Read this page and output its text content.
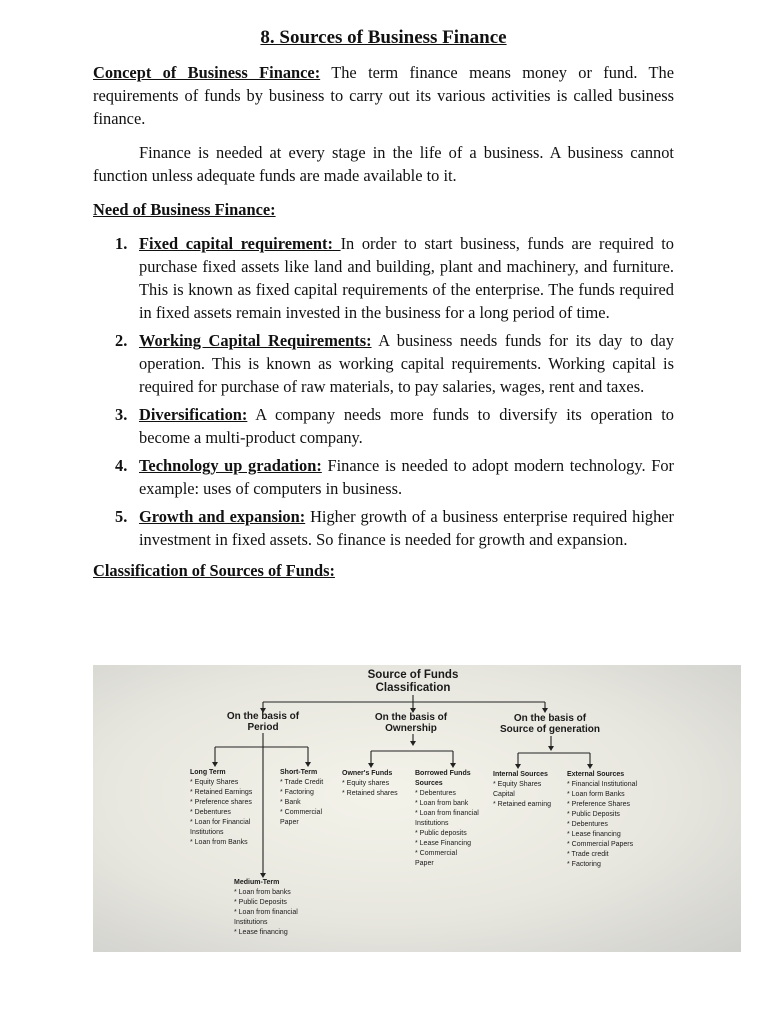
8. Sources of Business Finance

Concept of Business Finance: The term finance means money or fund. The requirements of funds by business to carry out its various activities is called business finance.

Finance is needed at every stage in the life of a business. A business cannot function unless adequate funds are made available to it.

Need of Business Finance:
1. Fixed capital requirement: In order to start business, funds are required to purchase fixed assets like land and building, plant and machinery, and furniture. This is known as fixed capital requirements of the enterprise. The funds required in fixed assets remain invested in the business for a long period of time.
2. Working Capital Requirements: A business needs funds for its day to day operation. This is known as working capital requirements. Working capital is required for purchase of raw materials, to pay salaries, wages, rent and taxes.
3. Diversification: A company needs more funds to diversify its operation to become a multi-product company.
4. Technology up gradation: Finance is needed to adopt modern technology. For example: uses of computers in business.
5. Growth and expansion: Higher growth of a business enterprise required higher investment in fixed assets. So finance is needed for growth and expansion.
Classification of Sources of Funds:
Source of Funds
Classification
On the basis of
Period
On the basis of
Ownership
On the basis of
Source of generation
Long Term
* Equity Shares
* Retained Earnings
* Preference shares
* Debentures
* Loan for Financial
Institutions
* Loan from Banks
Short-Term
* Trade Credit
* Factoring
* Bank
* Commercial
Paper
Medium-Term
* Loan from banks
* Public Deposits
* Loan from financial
Institutions
* Lease financing
Owner's Funds
* Equity shares
* Retained shares
Borrowed Funds
Sources
* Debentures
* Loan from bank
* Loan from financial
Institutions
* Public deposits
* Lease Financing
* Commercial
Paper
Internal Sources
* Equity Shares
Capital
* Retained earning
External Sources
* Financial Institutional
* Loan form Banks
* Preference Shares
* Public Deposits
* Debentures
* Lease financing
* Commercial Papers
* Trade credit
* Factoring
